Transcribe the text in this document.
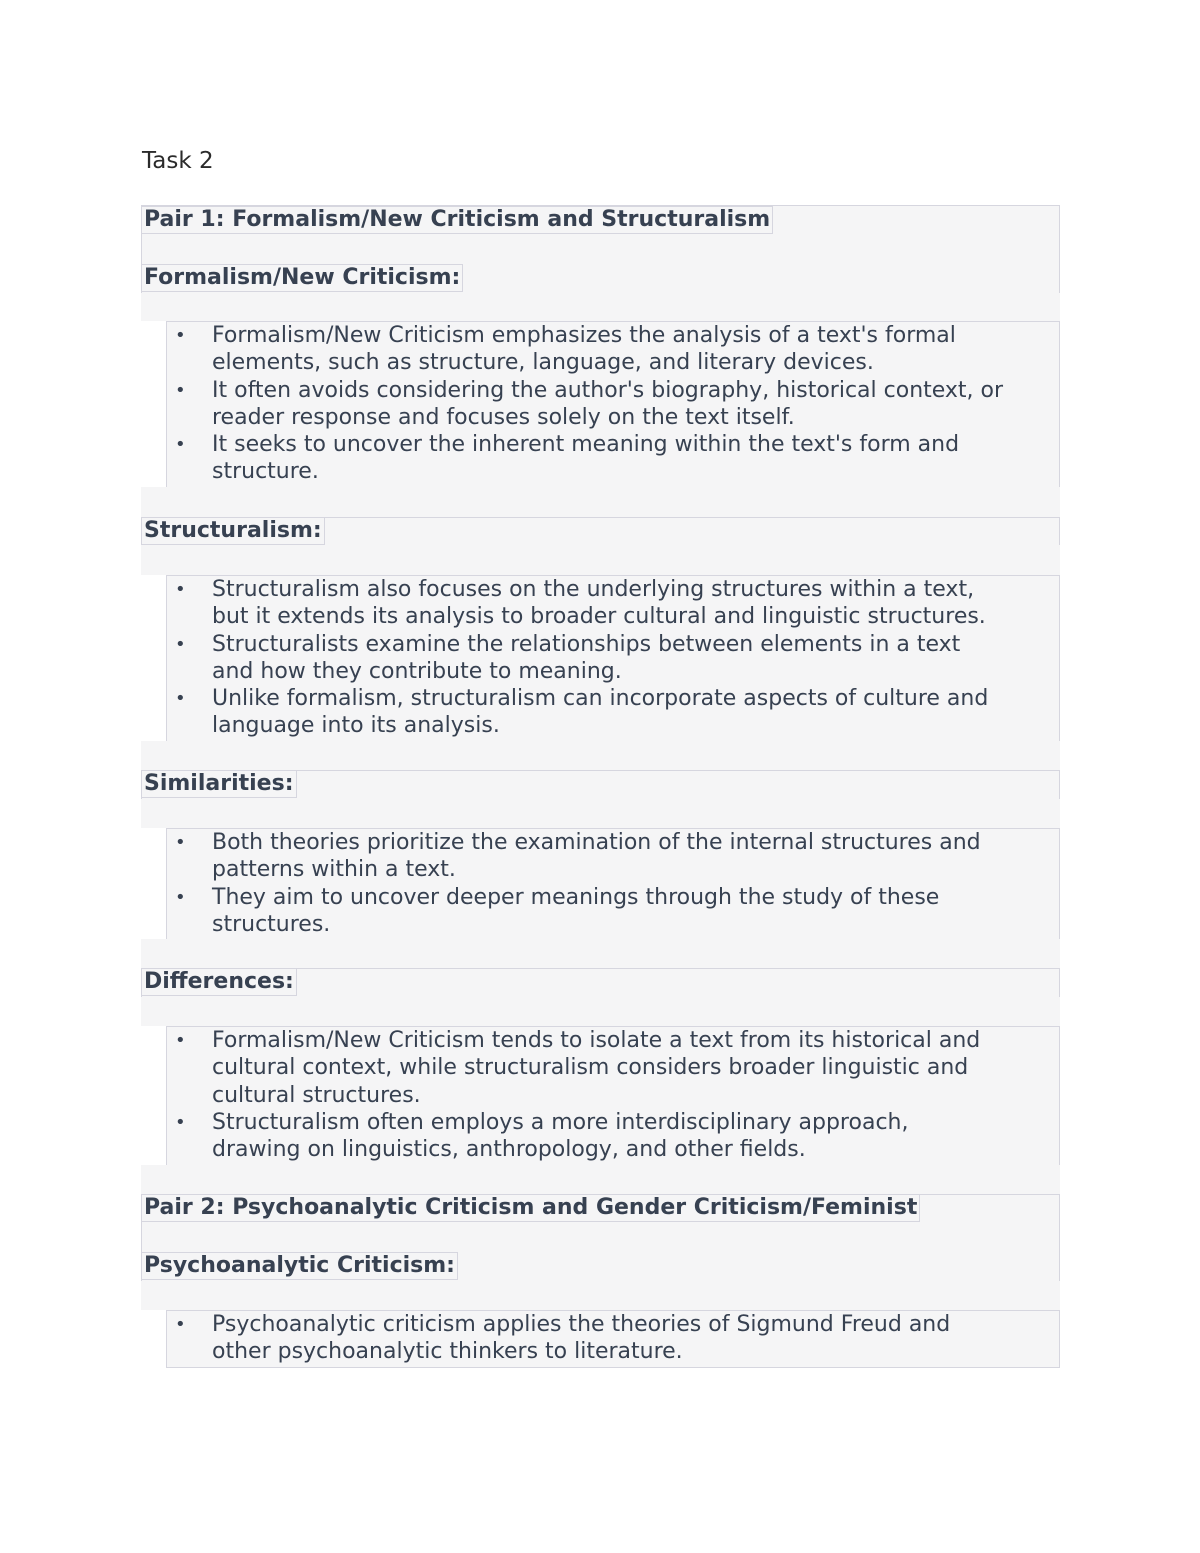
Task 2
Pair 1: Formalism/New Criticism and Structuralism
Formalism/New Criticism:
• Formalism/New Criticism emphasizes the analysis of a text's formal
elements, such as structure, language, and literary devices.
• It often avoids considering the author's biography, historical context, or
reader response and focuses solely on the text itself.
• It seeks to uncover the inherent meaning within the text's form and
structure.
Structuralism:
• Structuralism also focuses on the underlying structures within a text,
but it extends its analysis to broader cultural and linguistic structures.
• Structuralists examine the relationships between elements in a text
and how they contribute to meaning.
• Unlike formalism, structuralism can incorporate aspects of culture and
language into its analysis.
Similarities:
• Both theories prioritize the examination of the internal structures and
patterns within a text.
• They aim to uncover deeper meanings through the study of these
structures.
Differences:
• Formalism/New Criticism tends to isolate a text from its historical and
cultural context, while structuralism considers broader linguistic and
cultural structures.
• Structuralism often employs a more interdisciplinary approach,
drawing on linguistics, anthropology, and other fields.
Pair 2: Psychoanalytic Criticism and Gender Criticism/Feminist
Psychoanalytic Criticism:
• Psychoanalytic criticism applies the theories of Sigmund Freud and
other psychoanalytic thinkers to literature.
